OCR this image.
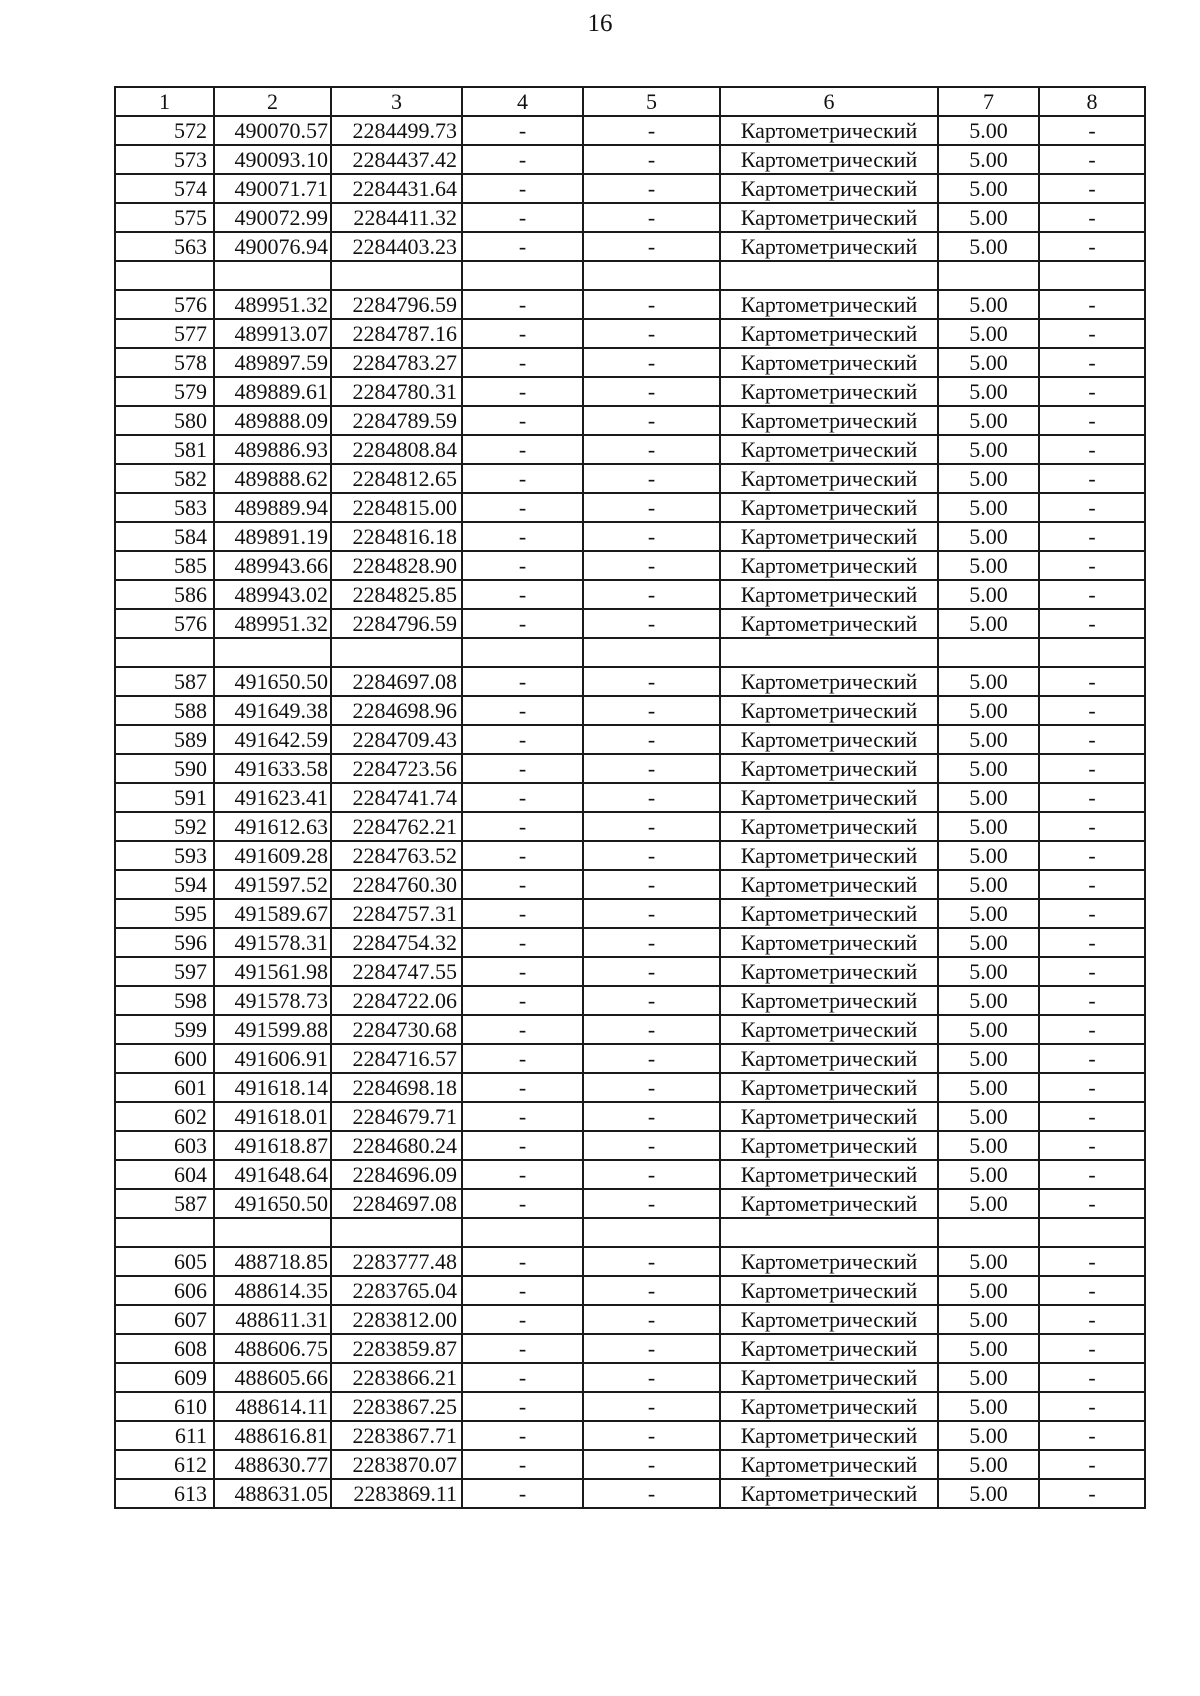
16
1	2	3	4	5	6	7	8
572	490070.57	2284499.73	-	-	Картометрический	5.00	-
573	490093.10	2284437.42	-	-	Картометрический	5.00	-
574	490071.71	2284431.64	-	-	Картометрический	5.00	-
575	490072.99	2284411.32	-	-	Картометрический	5.00	-
563	490076.94	2284403.23	-	-	Картометрический	5.00	-

576	489951.32	2284796.59	-	-	Картометрический	5.00	-
577	489913.07	2284787.16	-	-	Картометрический	5.00	-
578	489897.59	2284783.27	-	-	Картометрический	5.00	-
579	489889.61	2284780.31	-	-	Картометрический	5.00	-
580	489888.09	2284789.59	-	-	Картометрический	5.00	-
581	489886.93	2284808.84	-	-	Картометрический	5.00	-
582	489888.62	2284812.65	-	-	Картометрический	5.00	-
583	489889.94	2284815.00	-	-	Картометрический	5.00	-
584	489891.19	2284816.18	-	-	Картометрический	5.00	-
585	489943.66	2284828.90	-	-	Картометрический	5.00	-
586	489943.02	2284825.85	-	-	Картометрический	5.00	-
576	489951.32	2284796.59	-	-	Картометрический	5.00	-

587	491650.50	2284697.08	-	-	Картометрический	5.00	-
588	491649.38	2284698.96	-	-	Картометрический	5.00	-
589	491642.59	2284709.43	-	-	Картометрический	5.00	-
590	491633.58	2284723.56	-	-	Картометрический	5.00	-
591	491623.41	2284741.74	-	-	Картометрический	5.00	-
592	491612.63	2284762.21	-	-	Картометрический	5.00	-
593	491609.28	2284763.52	-	-	Картометрический	5.00	-
594	491597.52	2284760.30	-	-	Картометрический	5.00	-
595	491589.67	2284757.31	-	-	Картометрический	5.00	-
596	491578.31	2284754.32	-	-	Картометрический	5.00	-
597	491561.98	2284747.55	-	-	Картометрический	5.00	-
598	491578.73	2284722.06	-	-	Картометрический	5.00	-
599	491599.88	2284730.68	-	-	Картометрический	5.00	-
600	491606.91	2284716.57	-	-	Картометрический	5.00	-
601	491618.14	2284698.18	-	-	Картометрический	5.00	-
602	491618.01	2284679.71	-	-	Картометрический	5.00	-
603	491618.87	2284680.24	-	-	Картометрический	5.00	-
604	491648.64	2284696.09	-	-	Картометрический	5.00	-
587	491650.50	2284697.08	-	-	Картометрический	5.00	-

605	488718.85	2283777.48	-	-	Картометрический	5.00	-
606	488614.35	2283765.04	-	-	Картометрический	5.00	-
607	488611.31	2283812.00	-	-	Картометрический	5.00	-
608	488606.75	2283859.87	-	-	Картометрический	5.00	-
609	488605.66	2283866.21	-	-	Картометрический	5.00	-
610	488614.11	2283867.25	-	-	Картометрический	5.00	-
611	488616.81	2283867.71	-	-	Картометрический	5.00	-
612	488630.77	2283870.07	-	-	Картометрический	5.00	-
613	488631.05	2283869.11	-	-	Картометрический	5.00	-
